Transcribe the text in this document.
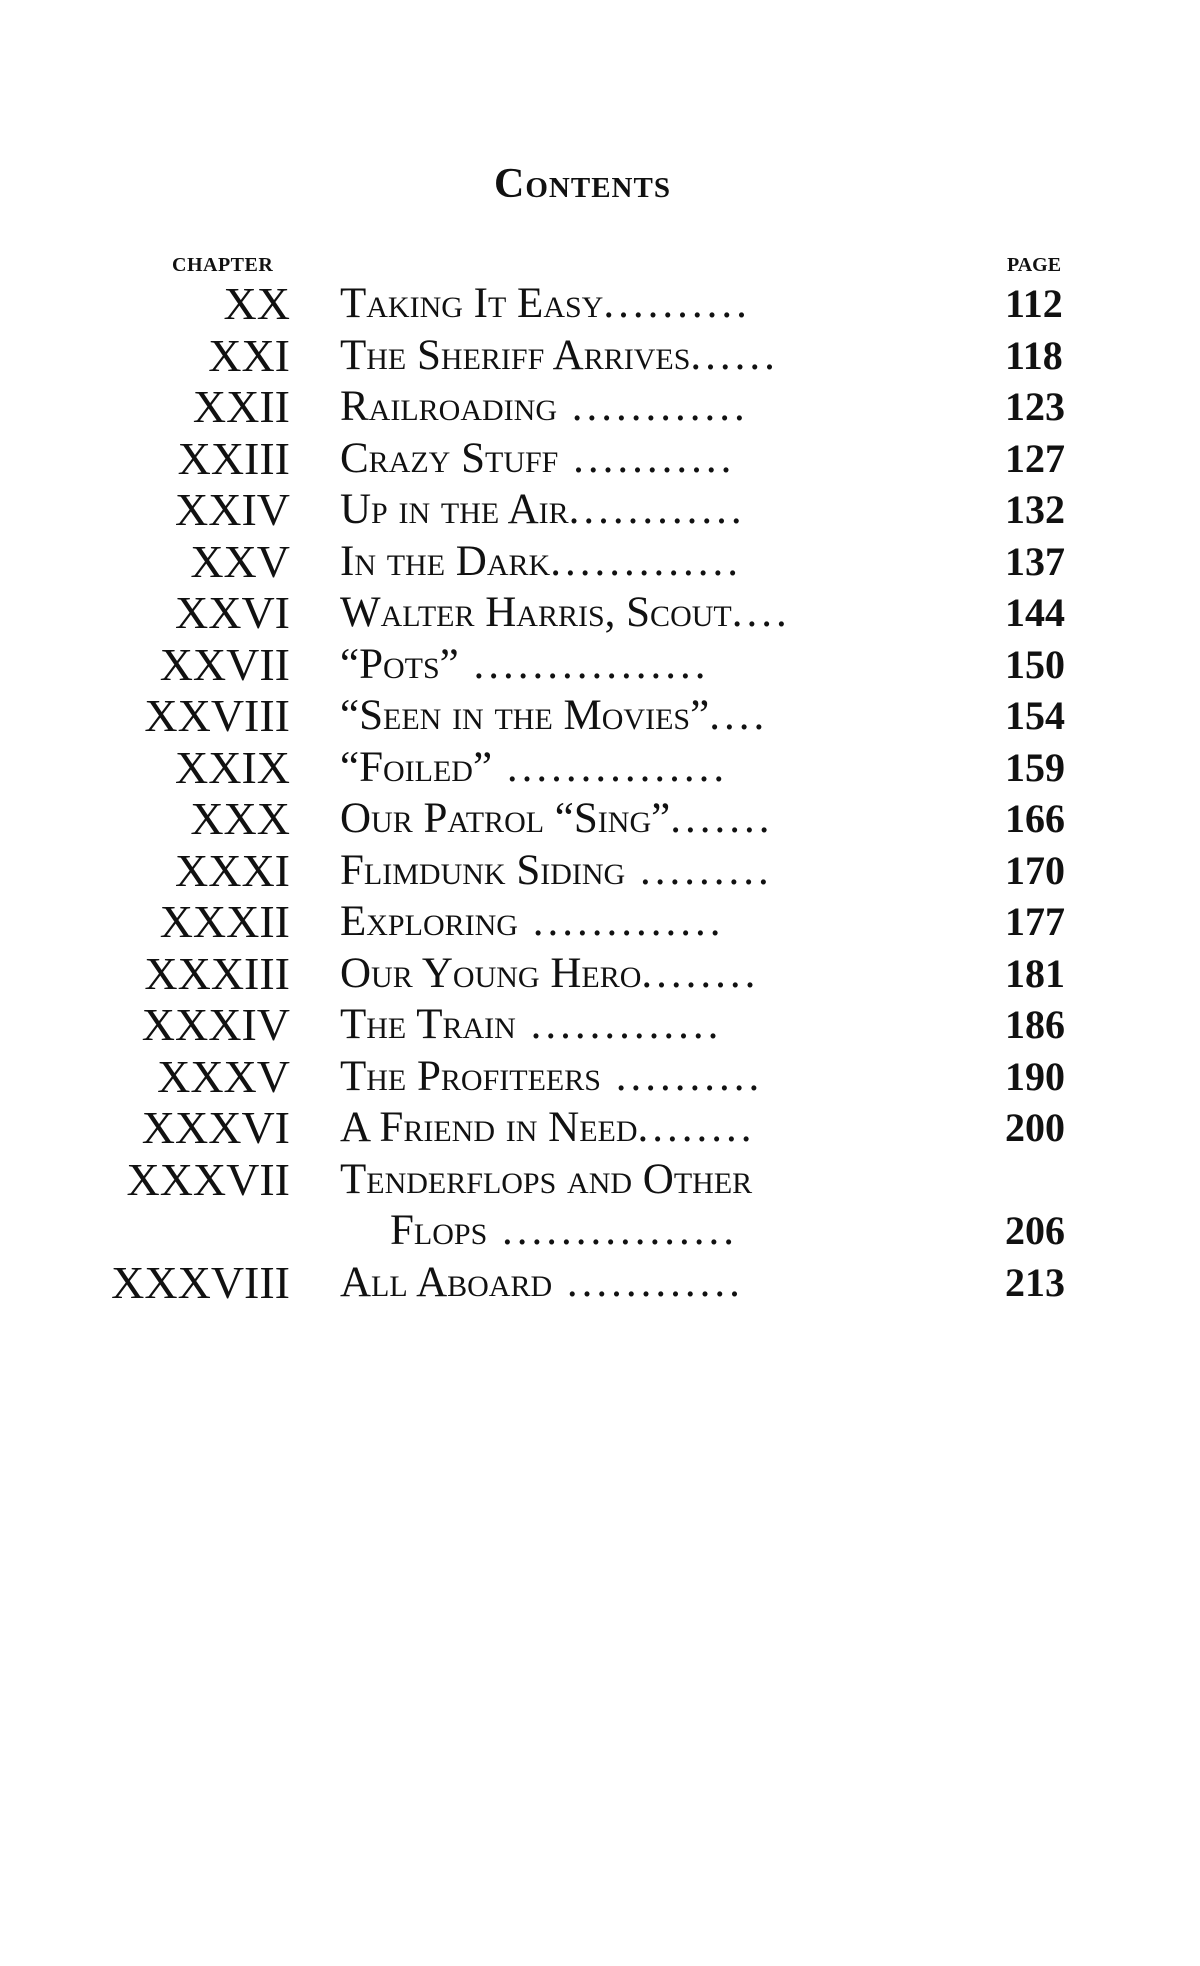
Contents
CHAPTER	PAGE
XX Taking It Easy..........	112
XXI The Sheriff Arrives......	118
XXII Railroading ............	123
XXIII Crazy Stuff ...........	127
XXIV Up in the Air............	132
XXV In the Dark.............	137
XXVI Walter Harris, Scout....	144
XXVII “Pots” ................	150
XXVIII “Seen in the Movies”....	154
XXIX “Foiled” ...............	159
XXX Our Patrol “Sing”.......	166
XXXI Flimdunk Siding .........	170
XXXII Exploring .............	177
XXXIII Our Young Hero........	181
XXXIV The Train .............	186
XXXV The Profiteers ..........	190
XXXVI A Friend in Need........	200
XXXVII Tenderflops and Other
Flops ................	206
XXXVIII All Aboard ............	213
